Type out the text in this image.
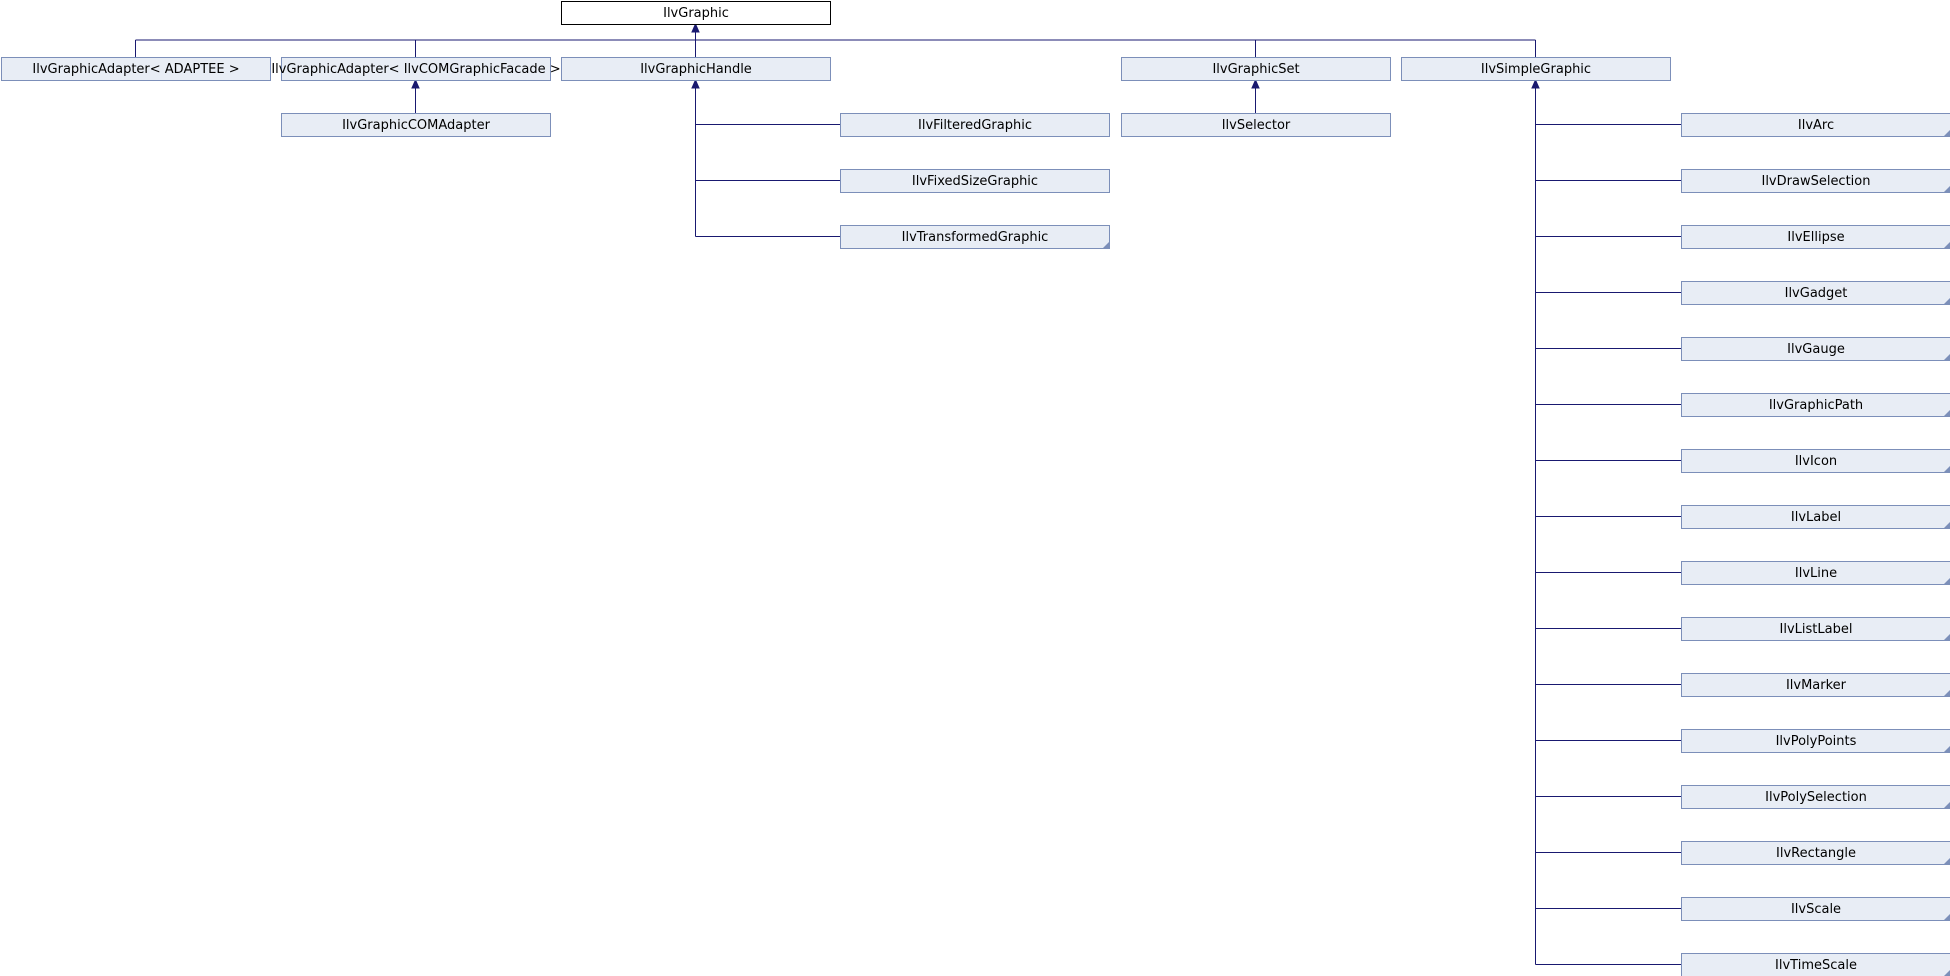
IlvGraphic
IlvGraphicAdapter< ADAPTEE > IlvGraphicAdapter< IlvCOMGraphicFacade >	IlvGraphicHandle	IlvGraphicSet	IlvSimpleGraphic
IlvGraphicCOMAdapter	IlvFilteredGraphic
IlvFixedSizeGraphic
IlvTransformedGraphic
IlvSelector	IlvArc
IlvDrawSelection
IlvEllipse
IlvGadget
IlvGauge
IlvGraphicPath
IlvIcon
IlvLabel
IlvLine
IlvListLabel
IlvMarker
IlvPolyPoints
IlvPolySelection
IlvRectangle
IlvScale
IlvTimeScale
